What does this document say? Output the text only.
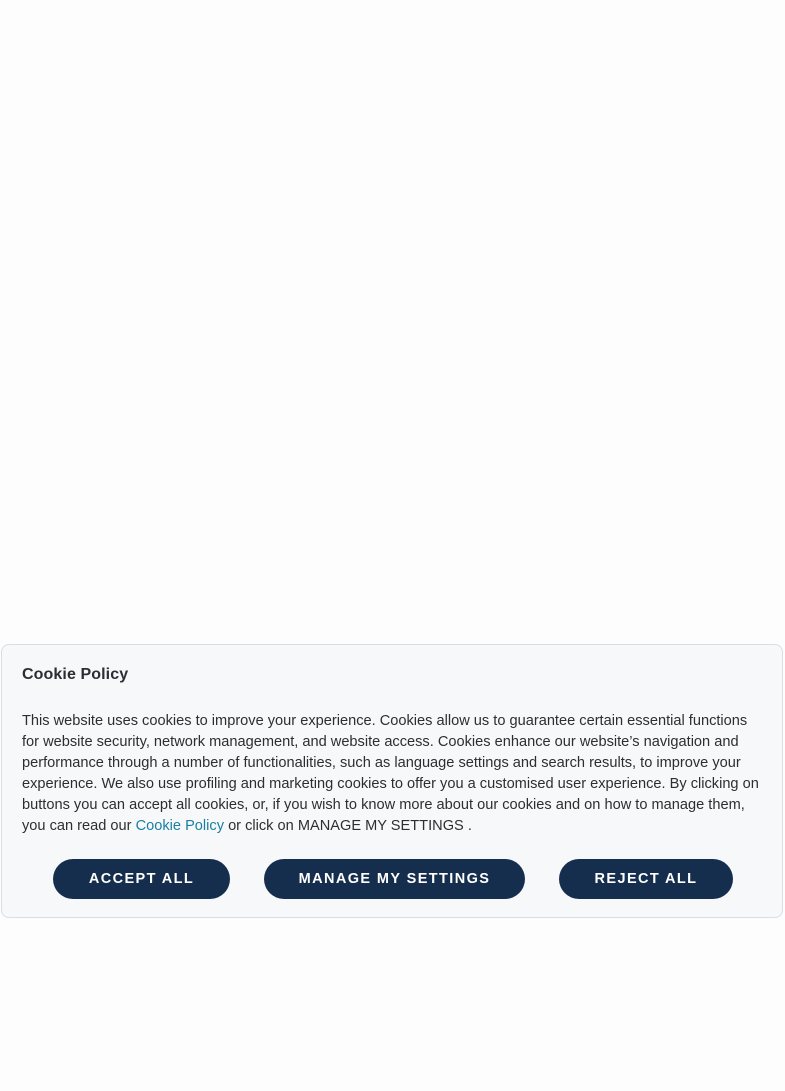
Cookie Policy

This website uses cookies to improve your experience. Cookies allow us to guarantee certain essential functions for website security, network management, and website access. Cookies enhance our website’s navigation and performance through a number of functionalities, such as language settings and search results, to improve your experience. We also use profiling and marketing cookies to offer you a customised user experience. By clicking on buttons you can accept all cookies, or, if you wish to know more about our cookies and on how to manage them, you can read our Cookie Policy or click on MANAGE MY SETTINGS .

ACCEPT ALL	MANAGE MY SETTINGS	REJECT ALL
